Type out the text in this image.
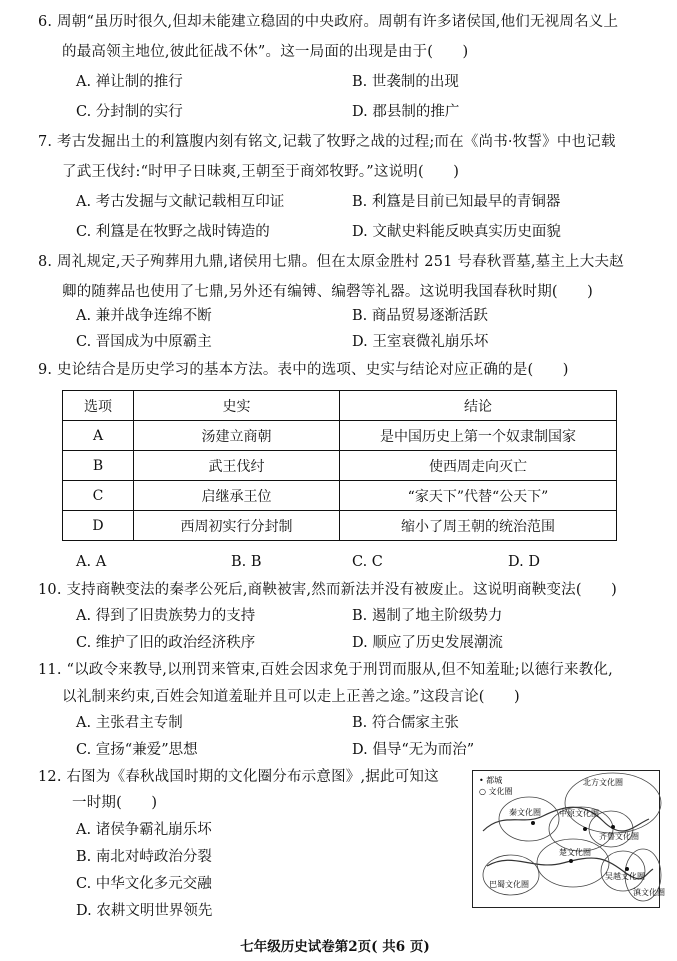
6. 周朝“虽历时很久,但却未能建立稳固的中央政府。周朝有许多诸侯国,他们无视周名义上
的最高领主地位,彼此征战不休”。这一局面的出现是由于(　　)
A. 禅让制的推行	B. 世袭制的出现
C. 分封制的实行	D. 郡县制的推广
7. 考古发掘出土的利簋腹内刻有铭文,记载了牧野之战的过程;而在《尚书·牧誓》中也记载
了武王伐纣:“时甲子日昧爽,王朝至于商郊牧野。”这说明(　　)
A. 考古发掘与文献记载相互印证	B. 利簋是目前已知最早的青铜器
C. 利簋是在牧野之战时铸造的	D. 文献史料能反映真实历史面貌
8. 周礼规定,天子殉葬用九鼎,诸侯用七鼎。但在太原金胜村 251 号春秋晋墓,墓主上大夫赵
卿的随葬品也使用了七鼎,另外还有编镈、编磬等礼器。这说明我国春秋时期(　　)
A. 兼并战争连绵不断	B. 商品贸易逐渐活跃
C. 晋国成为中原霸主	D. 王室衰微礼崩乐坏
9. 史论结合是历史学习的基本方法。表中的选项、史实与结论对应正确的是(　　)
选项	史实	结论
A	汤建立商朝	是中国历史上第一个奴隶制国家
B	武王伐纣	使西周走向灭亡
C	启继承王位	“家天下”代替“公天下”
D	西周初实行分封制	缩小了周王朝的统治范围
A. A	B. B	C. C	D. D
10. 支持商鞅变法的秦孝公死后,商鞅被害,然而新法并没有被废止。这说明商鞅变法(　　)
A. 得到了旧贵族势力的支持	B. 遏制了地主阶级势力
C. 维护了旧的政治经济秩序	D. 顺应了历史发展潮流
11. “以政令来教导,以刑罚来管束,百姓会因求免于刑罚而服从,但不知羞耻;以德行来教化,
以礼制来约束,百姓会知道羞耻并且可以走上正善之途。”这段言论(　　)
A. 主张君主专制	B. 符合儒家主张
C. 宣扬“兼爱”思想	D. 倡导“无为而治”
12. 右图为《春秋战国时期的文化圈分布示意图》,据此可知这
一时期(　　)
A. 诸侯争霸礼崩乐坏
B. 南北对峙政治分裂
C. 中华文化多元交融
D. 农耕文明世界领先
• 都城
○ 文化圈
北方文化圈
中原文化圈
齐鲁文化圈
秦文化圈
楚文化圈
巴蜀文化圈
吴越文化圈
滇文化圈
七年级历史试卷第2页( 共6 页)
